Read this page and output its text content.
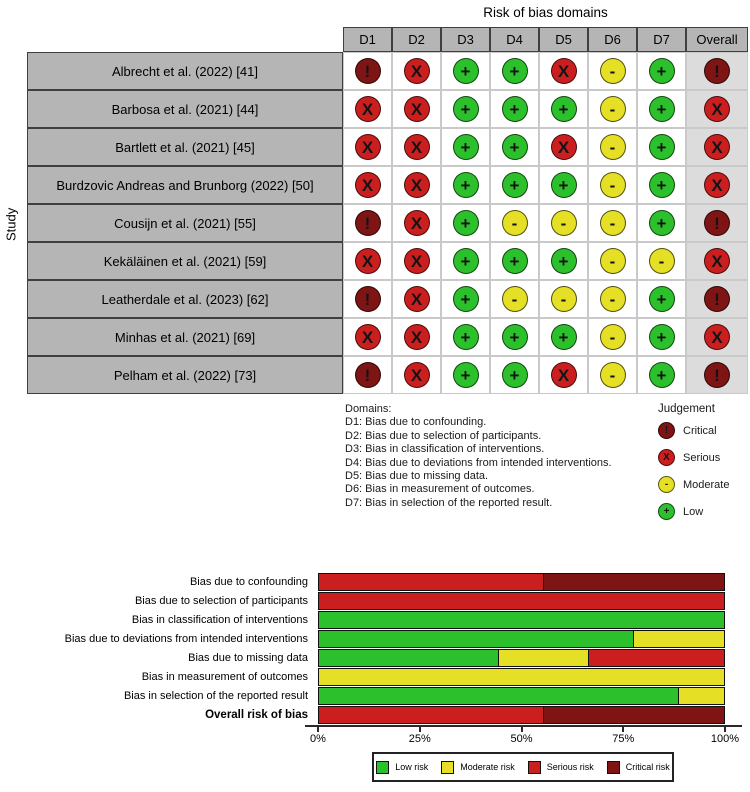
Risk of bias domains
D1	D2	D3	D4	D5	D6	D7	Overall
Albrecht et al. (2022) [41]	!	X	+	+	X	-	+	!
Barbosa et al. (2021) [44]	X	X	+	+	+	-	+	X
Bartlett et al. (2021) [45]	X	X	+	+	X	-	+	X
Burdzovic Andreas and Brunborg (2022) [50]	X	X	+	+	+	-	+	X
Cousijn et al. (2021) [55]	!	X	+	-	-	-	+	!
Kekäläinen et al. (2021) [59]	X	X	+	+	+	-	-	X
Leatherdale et al. (2023) [62]	!	X	+	-	-	-	+	!
Minhas et al. (2021) [69]	X	X	+	+	+	-	+	X
Pelham et al. (2022) [73]	!	X	+	+	X	-	+	!
Study
Domains:
D1: Bias due to confounding.
D2: Bias due to selection of participants.
D3: Bias in classification of interventions.
D4: Bias due to deviations from intended interventions.
D5: Bias due to missing data.
D6: Bias in measurement of outcomes.
D7: Bias in selection of the reported result.
Judgement
!	Critical
X	Serious
-	Moderate
+	Low
Bias due to confounding
Bias due to selection of participants
Bias in classification of interventions
Bias due to deviations from intended interventions
Bias due to missing data
Bias in measurement of outcomes
Bias in selection of the reported result
Overall risk of bias
0%	25%	50%	75%	100%
Low risk	Moderate risk	Serious risk	Critical risk
